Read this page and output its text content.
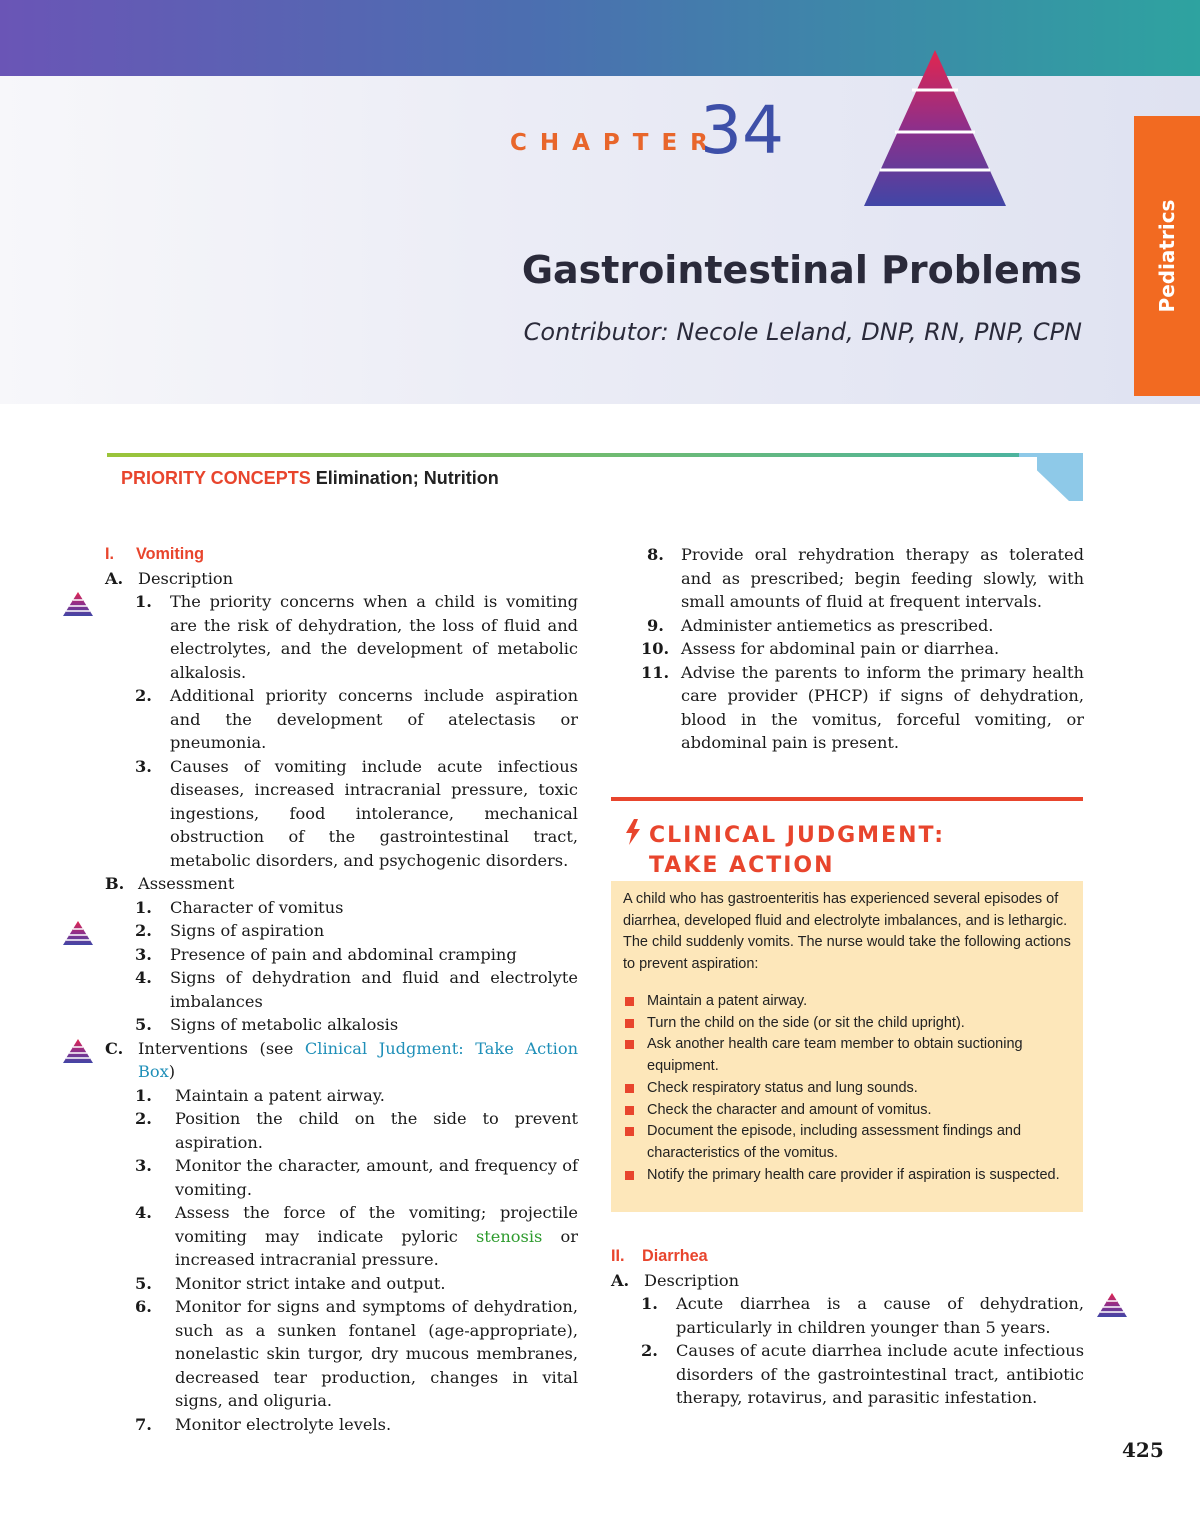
CHAPTER
34
Gastrointestinal Problems
Contributor: Necole Leland, DNP, RN, PNP, CPN
Pediatrics
PRIORITY CONCEPTS Elimination; Nutrition
I.	Vomiting
A. Description
1.	The priority concerns when a child is vomiting are the risk of dehydration, the loss of fluid and electrolytes, and the development of metabolic alkalosis.
2.	Additional priority concerns include aspiration and the development of atelectasis or pneumonia.
3.	Causes of vomiting include acute infectious diseases, increased intracranial pressure, toxic ingestions, food intolerance, mechanical obstruction of the gastrointestinal tract, metabolic disorders, and psychogenic disorders.
B. Assessment
1.	Character of vomitus
2.	Signs of aspiration
3.	Presence of pain and abdominal cramping
4.	Signs of dehydration and fluid and electrolyte imbalances
5.	Signs of metabolic alkalosis
C. Interventions (see Clinical Judgment: Take Action Box)
1.	Maintain a patent airway.
2.	Position the child on the side to prevent aspiration.
3.	Monitor the character, amount, and frequency of vomiting.
4.	Assess the force of the vomiting; projectile vomiting may indicate pyloric stenosis or increased intracranial pressure.
5.	Monitor strict intake and output.
6.	Monitor for signs and symptoms of dehydration, such as a sunken fontanel (age-appropriate), nonelastic skin turgor, dry mucous membranes, decreased tear production, changes in vital signs, and oliguria.
7.	Monitor electrolyte levels.
8.	Provide oral rehydration therapy as tolerated and as prescribed; begin feeding slowly, with small amounts of fluid at frequent intervals.
9.	Administer antiemetics as prescribed.
10. Assess for abdominal pain or diarrhea.
11. Advise the parents to inform the primary health care provider (PHCP) if signs of dehydration, blood in the vomitus, forceful vomiting, or abdominal pain is present.
CLINICAL JUDGMENT: TAKE ACTION
A child who has gastroenteritis has experienced several episodes of diarrhea, developed fluid and electrolyte imbalances, and is lethargic. The child suddenly vomits. The nurse would take the following actions to prevent aspiration:
Maintain a patent airway.
Turn the child on the side (or sit the child upright).
Ask another health care team member to obtain suctioning equipment.
Check respiratory status and lung sounds.
Check the character and amount of vomitus.
Document the episode, including assessment findings and characteristics of the vomitus.
Notify the primary health care provider if aspiration is suspected.
II.	Diarrhea
A. Description
1.	Acute diarrhea is a cause of dehydration, particularly in children younger than 5 years.
2.	Causes of acute diarrhea include acute infectious disorders of the gastrointestinal tract, antibiotic therapy, rotavirus, and parasitic infestation.
425
